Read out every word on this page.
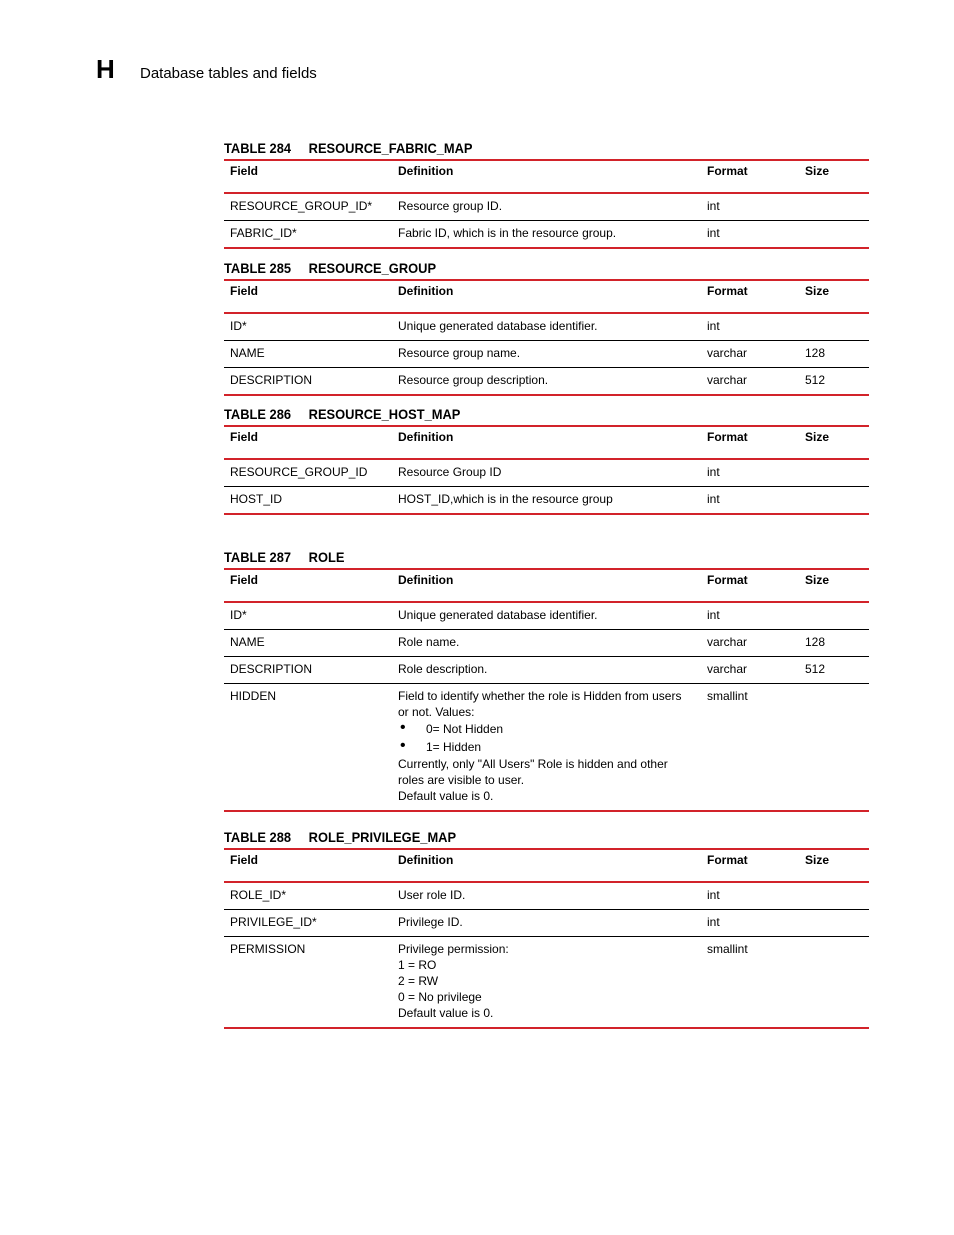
H Database tables and fields
TABLE 284 RESOURCE_FABRIC_MAP
Field	Definition	Format	Size
RESOURCE_GROUP_ID*	Resource group ID.	int	
FABRIC_ID*	Fabric ID, which is in the resource group.	int	
TABLE 285 RESOURCE_GROUP
Field	Definition	Format	Size
ID*	Unique generated database identifier.	int	
NAME	Resource group name.	varchar	128
DESCRIPTION	Resource group description.	varchar	512
TABLE 286 RESOURCE_HOST_MAP
Field	Definition	Format	Size
RESOURCE_GROUP_ID	Resource Group ID	int	
HOST_ID	HOST_ID,which is in the resource group	int	
TABLE 287 ROLE
Field	Definition	Format	Size
ID*	Unique generated database identifier.	int	
NAME	Role name.	varchar	128
DESCRIPTION	Role description.	varchar	512
HIDDEN	Field to identify whether the role is Hidden from users or not. Values:
• 0= Not Hidden
• 1= Hidden
Currently, only "All Users" Role is hidden and other roles are visible to user.
Default value is 0.	smallint	
TABLE 288 ROLE_PRIVILEGE_MAP
Field	Definition	Format	Size
ROLE_ID*	User role ID.	int	
PRIVILEGE_ID*	Privilege ID.	int	
PERMISSION	Privilege permission:
1 = RO
2 = RW
0 = No privilege
Default value is 0.	smallint	
